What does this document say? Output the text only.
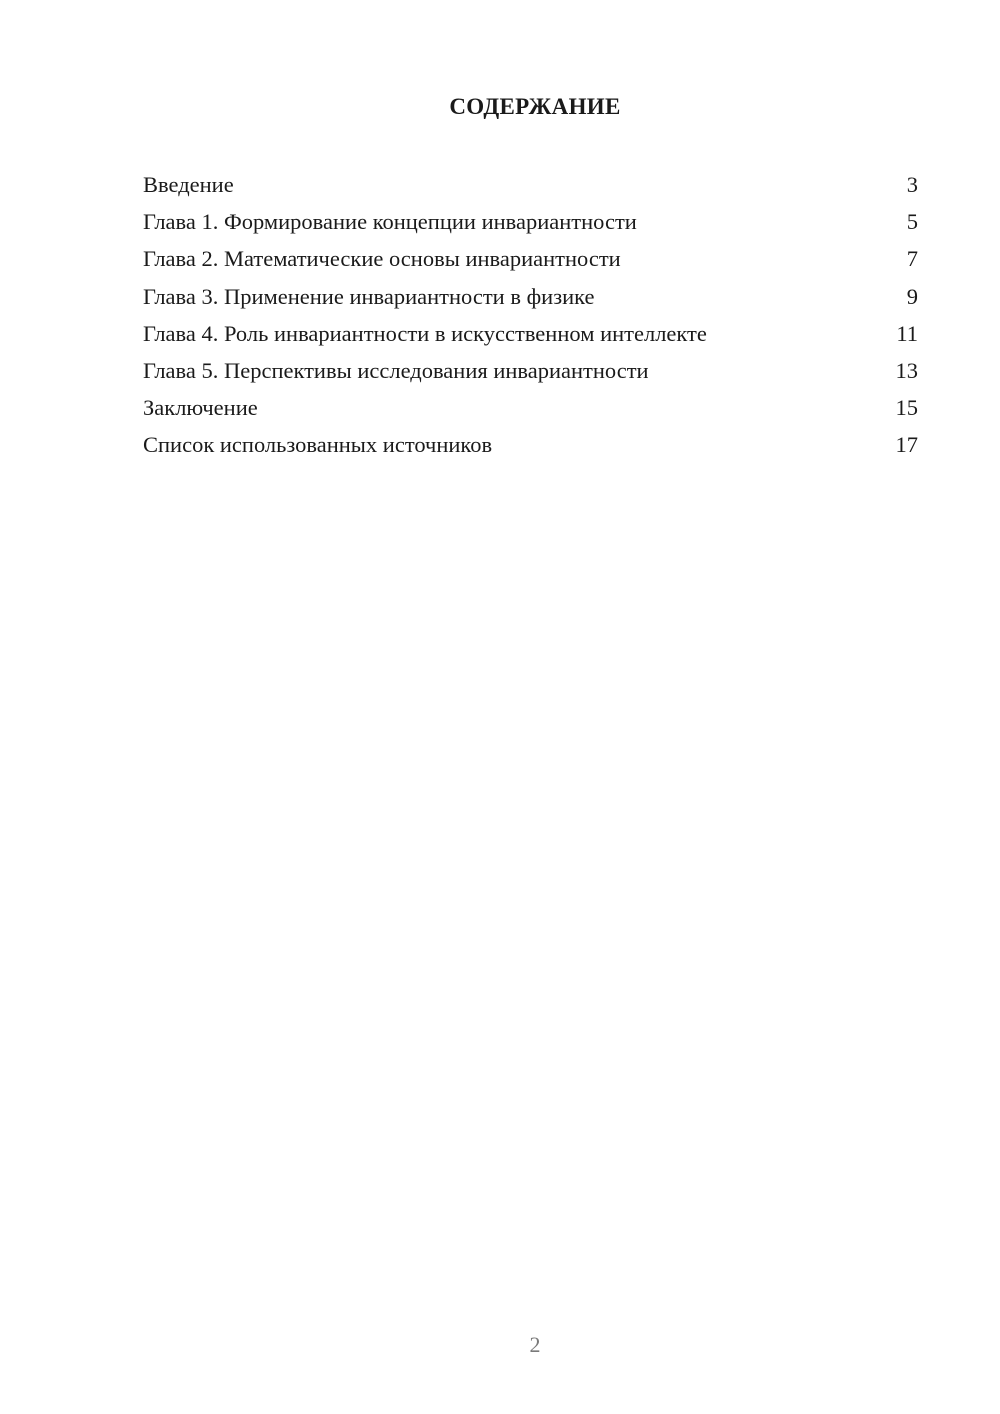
СОДЕРЖАНИЕ
Введение	3
Глава 1. Формирование концепции инвариантности	5
Глава 2. Математические основы инвариантности	7
Глава 3. Применение инвариантности в физике	9
Глава 4. Роль инвариантности в искусственном интеллекте	11
Глава 5. Перспективы исследования инвариантности	13
Заключение	15
Список использованных источников	17
2
